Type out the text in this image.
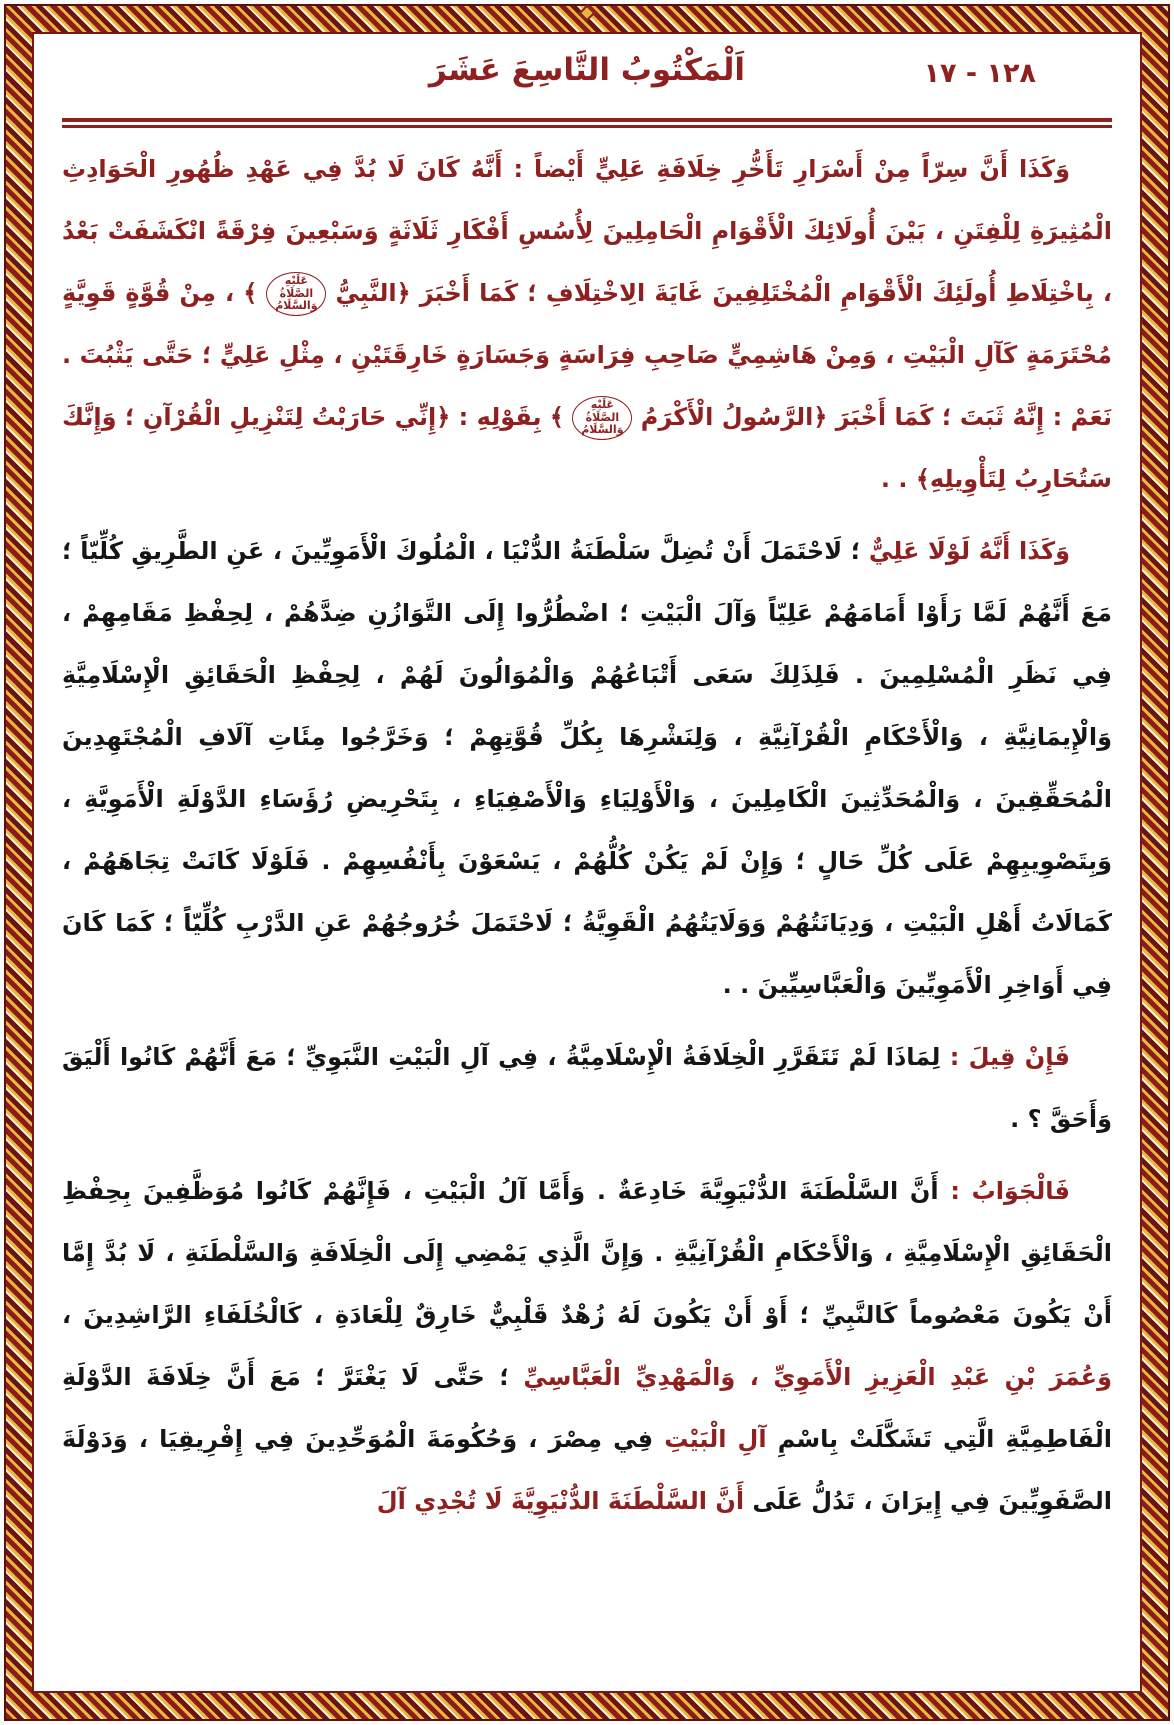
١٢٨ - ١٧
اَلْمَكْتُوبُ التَّاسِعَ عَشَرَ

وَكَذَا أَنَّ سِرّاً مِنْ أَسْرَارِ تَأَخُّرِ خِلَافَةِ عَلِيٍّ أَيْضاً : أَنَّهُ كَانَ لَا بُدَّ فِي عَهْدِ ظُهُورِ الْحَوَادِثِ الْمُثِيرَةِ لِلْفِتَنِ ، بَيْنَ أُولَائِكَ الْأَقْوَامِ الْحَامِلِينَ لِأُسُسِ أَفْكَارِ ثَلَاثَةٍ وَسَبْعِينَ فِرْقَةً انْكَشَفَتْ بَعْدُ ، بِاخْتِلَاطِ أُولَئِكَ الْأَقْوَامِ الْمُخْتَلِفِينَ غَايَةَ الِاخْتِلَافِ ؛ كَمَا أَخْبَرَ ﴿النَّبِيُّ عَلَيْهِ الصَّلَاةُ وَالسَّلَامُ ﴾ ، مِنْ قُوَّةٍ قَوِيَّةٍ مُحْتَرَمَةٍ كَآلِ الْبَيْتِ ، وَمِنْ هَاشِمِيٍّ صَاحِبِ فِرَاسَةٍ وَجَسَارَةٍ خَارِقَتَيْنِ ، مِثْلِ عَلِيٍّ ؛ حَتَّى يَثْبُتَ . نَعَمْ : إِنَّهُ ثَبَتَ ؛ كَمَا أَخْبَرَ ﴿الرَّسُولُ الْأَكْرَمُ عَلَيْهِ الصَّلَاةُ وَالسَّلَامُ ﴾ بِقَوْلِهِ : ﴿إِنِّي حَارَبْتُ لِتَنْزِيلِ الْقُرْآنِ ؛ وَإِنَّكَ سَتُحَارِبُ لِتَأْوِيلِهِ﴾ . .

وَكَذَا أَنَّهُ لَوْلَا عَلِيٌّ ؛ لَاحْتَمَلَ أَنْ تُضِلَّ سَلْطَنَةُ الدُّنْيَا ، الْمُلُوكَ الْأَمَوِيِّينَ ، عَنِ الطَّرِيقِ كُلِّيّاً ؛ مَعَ أَنَّهُمْ لَمَّا رَأَوْا أَمَامَهُمْ عَلِيّاً وَآلَ الْبَيْتِ ؛ اضْطُرُّوا إِلَى التَّوَازُنِ ضِدَّهُمْ ، لِحِفْظِ مَقَامِهِمْ ، فِي نَظَرِ الْمُسْلِمِينَ . فَلِذَلِكَ سَعَى أَتْبَاعُهُمْ وَالْمُوَالُونَ لَهُمْ ، لِحِفْظِ الْحَقَائِقِ الْإِسْلَامِيَّةِ وَالْإِيمَانِيَّةِ ، وَالْأَحْكَامِ الْقُرْآنِيَّةِ ، وَلِنَشْرِهَا بِكُلِّ قُوَّتِهِمْ ؛ وَخَرَّجُوا مِئَاتِ آلَافِ الْمُجْتَهِدِينَ الْمُحَقِّقِينَ ، وَالْمُحَدِّثِينَ الْكَامِلِينَ ، وَالْأَوْلِيَاءِ وَالْأَصْفِيَاءِ ، بِتَحْرِيضِ رُؤَسَاءِ الدَّوْلَةِ الْأَمَوِيَّةِ ، وَبِتَصْوِيبِهِمْ عَلَى كُلِّ حَالٍ ؛ وَإِنْ لَمْ يَكُنْ كُلُّهُمْ ، يَسْعَوْنَ بِأَنْفُسِهِمْ . فَلَوْلَا كَانَتْ تِجَاهَهُمْ ، كَمَالَاتُ أَهْلِ الْبَيْتِ ، وَدِيَانَتُهُمْ وَوَلَايَتُهُمُ الْقَوِيَّةُ ؛ لَاحْتَمَلَ خُرُوجُهُمْ عَنِ الدَّرْبِ كُلِّيّاً ؛ كَمَا كَانَ فِي أَوَاخِرِ الْأَمَوِيِّينَ وَالْعَبَّاسِيِّينَ . .

فَإِنْ قِيلَ : لِمَاذَا لَمْ تَتَقَرَّرِ الْخِلَافَةُ الْإِسْلَامِيَّةُ ، فِي آلِ الْبَيْتِ النَّبَوِيِّ ؛ مَعَ أَنَّهُمْ كَانُوا أَلْيَقَ وَأَحَقَّ ؟ .

فَالْجَوَابُ : أَنَّ السَّلْطَنَةَ الدُّنْيَوِيَّةَ خَادِعَةٌ . وَأَمَّا آلُ الْبَيْتِ ، فَإِنَّهُمْ كَانُوا مُوَظَّفِينَ بِحِفْظِ الْحَقَائِقِ الْإِسْلَامِيَّةِ ، وَالْأَحْكَامِ الْقُرْآنِيَّةِ . وَإِنَّ الَّذِي يَمْضِي إِلَى الْخِلَافَةِ وَالسَّلْطَنَةِ ، لَا بُدَّ إِمَّا أَنْ يَكُونَ مَعْصُوماً كَالنَّبِيِّ ؛ أَوْ أَنْ يَكُونَ لَهُ زُهْدٌ قَلْبِيٌّ خَارِقٌ لِلْعَادَةِ ، كَالْخُلَفَاءِ الرَّاشِدِينَ ، وَعُمَرَ بْنِ عَبْدِ الْعَزِيزِ الْأَمَوِيِّ ، وَالْمَهْدِيِّ الْعَبَّاسِيِّ ؛ حَتَّى لَا يَغْتَرَّ ؛ مَعَ أَنَّ خِلَافَةَ الدَّوْلَةِ الْفَاطِمِيَّةِ الَّتِي تَشَكَّلَتْ بِاسْمِ آلِ الْبَيْتِ فِي مِصْرَ ، وَحُكُومَةَ الْمُوَحِّدِينَ فِي إِفْرِيقِيَا ، وَدَوْلَةَ الصَّفَوِيِّينَ فِي إِيرَانَ ، تَدُلُّ عَلَى أَنَّ السَّلْطَنَةَ الدُّنْيَوِيَّةَ لَا تُجْدِي آلَ
